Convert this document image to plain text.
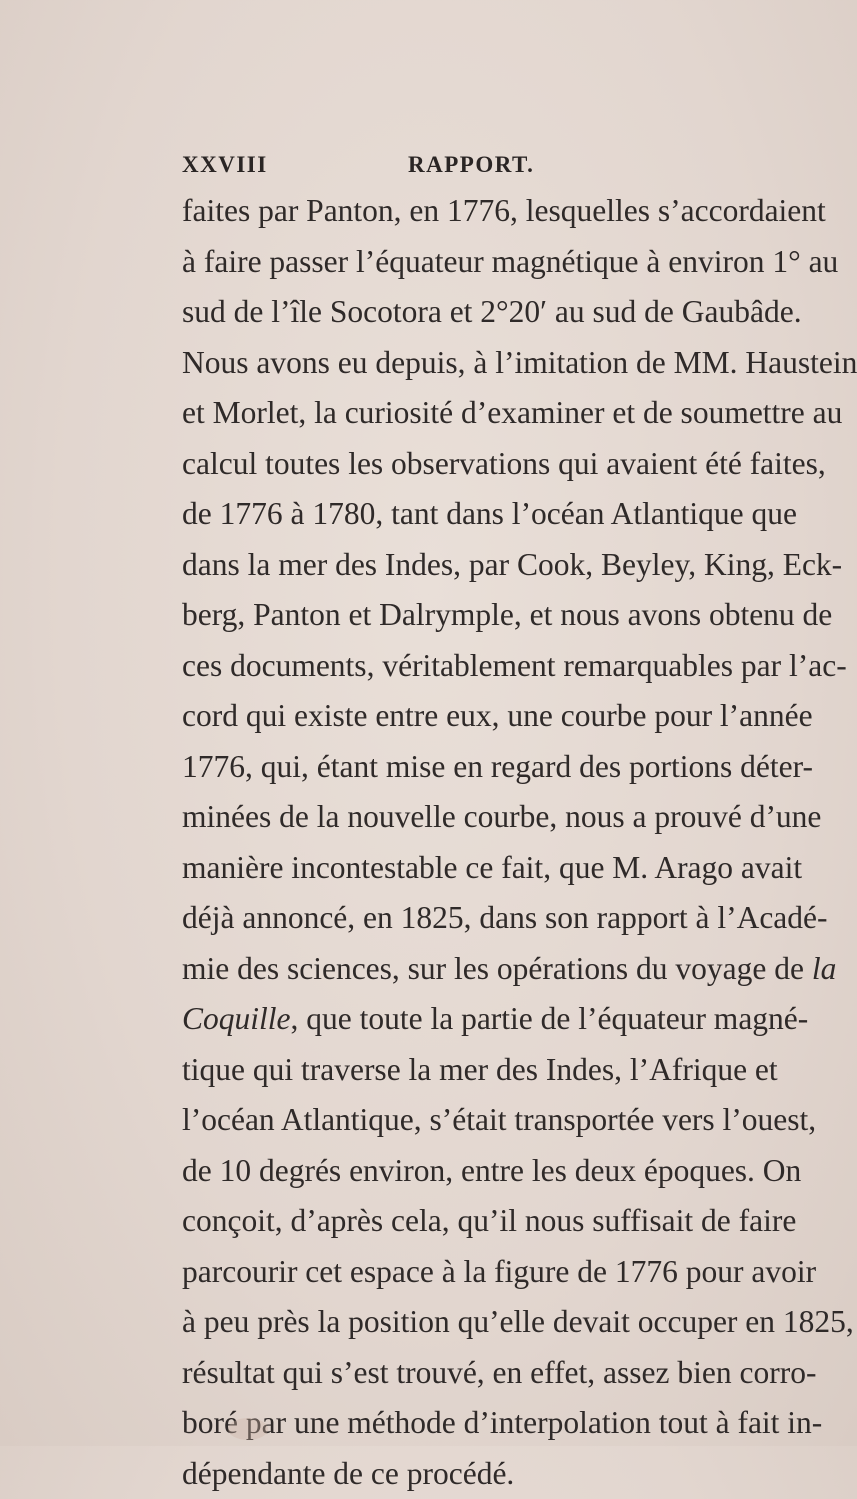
XXVIII	RAPPORT.
faites par Panton, en 1776, lesquelles s’accordaient
à faire passer l’équateur magnétique à environ 1° au
sud de l’île Socotora et 2°20′ au sud de Gaubâde.
Nous avons eu depuis, à l’imitation de MM. Haustein
et Morlet, la curiosité d’examiner et de soumettre au
calcul toutes les observations qui avaient été faites,
de 1776 à 1780, tant dans l’océan Atlantique que
dans la mer des Indes, par Cook, Beyley, King, Eck-
berg, Panton et Dalrymple, et nous avons obtenu de
ces documents, véritablement remarquables par l’ac-
cord qui existe entre eux, une courbe pour l’année
1776, qui, étant mise en regard des portions déter-
minées de la nouvelle courbe, nous a prouvé d’une
manière incontestable ce fait, que M. Arago avait
déjà annoncé, en 1825, dans son rapport à l’Acadé-
mie des sciences, sur les opérations du voyage de la
Coquille, que toute la partie de l’équateur magné-
tique qui traverse la mer des Indes, l’Afrique et
l’océan Atlantique, s’était transportée vers l’ouest,
de 10 degrés environ, entre les deux époques. On
conçoit, d’après cela, qu’il nous suffisait de faire
parcourir cet espace à la figure de 1776 pour avoir
à peu près la position qu’elle devait occuper en 1825,
résultat qui s’est trouvé, en effet, assez bien corro-
boré par une méthode d’interpolation tout à fait in-
dépendante de ce procédé.
